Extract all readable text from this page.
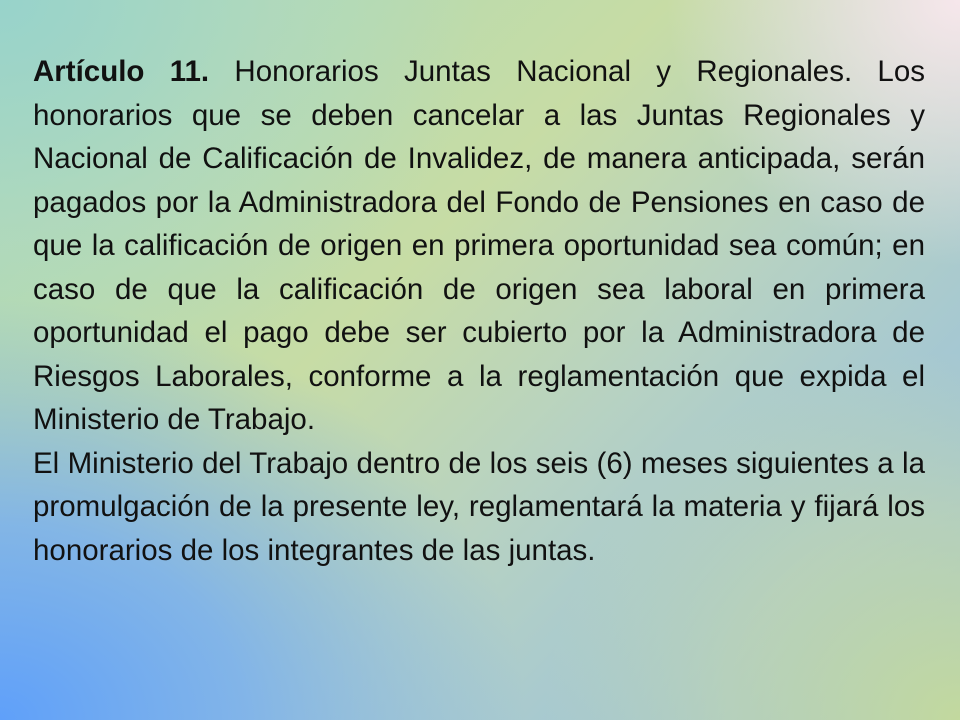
Artículo 11. Honorarios Juntas Nacional y Regionales. Los honorarios que se deben cancelar a las Juntas Regionales y Nacional de Calificación de Invalidez, de manera anticipada, serán pagados por la Administradora del Fondo de Pensiones en caso de que la calificación de origen en primera oportunidad sea común; en caso de que la calificación de origen sea laboral en primera oportunidad el pago debe ser cubierto por la Administradora de Riesgos Laborales, conforme a la reglamentación que expida el Ministerio de Trabajo.

El Ministerio del Trabajo dentro de los seis (6) meses siguientes a la promulgación de la presente ley, reglamentará la materia y fijará los honorarios de los integrantes de las juntas.
